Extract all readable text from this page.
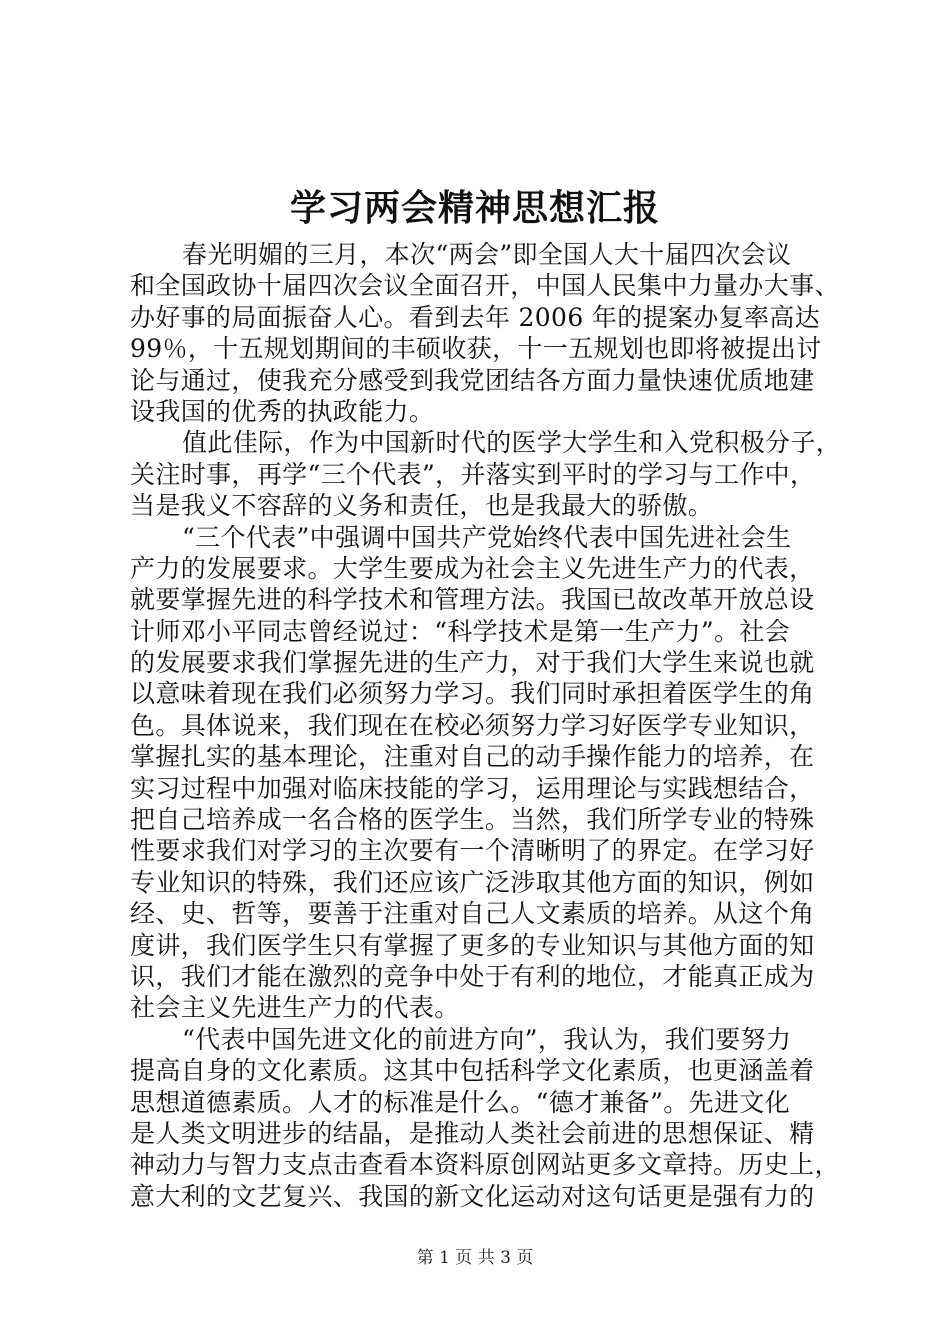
学习两会精神思想汇报
春光明媚的三月，本次“两会”即全国人大十届四次会议
和全国政协十届四次会议全面召开，中国人民集中力量办大事、
办好事的局面振奋人心。看到去年 2006 年的提案办复率高达
99％，十五规划期间的丰硕收获，十一五规划也即将被提出讨
论与通过，使我充分感受到我党团结各方面力量快速优质地建
设我国的优秀的执政能力。
值此佳际，作为中国新时代的医学大学生和入党积极分子，
关注时事，再学“三个代表”，并落实到平时的学习与工作中，
当是我义不容辞的义务和责任，也是我最大的骄傲。
“三个代表”中强调中国共产党始终代表中国先进社会生
产力的发展要求。大学生要成为社会主义先进生产力的代表，
就要掌握先进的科学技术和管理方法。我国已故改革开放总设
计师邓小平同志曾经说过：“科学技术是第一生产力”。社会
的发展要求我们掌握先进的生产力，对于我们大学生来说也就
以意味着现在我们必须努力学习。我们同时承担着医学生的角
色。具体说来，我们现在在校必须努力学习好医学专业知识，
掌握扎实的基本理论，注重对自己的动手操作能力的培养，在
实习过程中加强对临床技能的学习，运用理论与实践想结合，
把自己培养成一名合格的医学生。当然，我们所学专业的特殊
性要求我们对学习的主次要有一个清晰明了的界定。在学习好
专业知识的特殊，我们还应该广泛涉取其他方面的知识，例如
经、史、哲等，要善于注重对自己人文素质的培养。从这个角
度讲，我们医学生只有掌握了更多的专业知识与其他方面的知
识，我们才能在激烈的竞争中处于有利的地位，才能真正成为
社会主义先进生产力的代表。
“代表中国先进文化的前进方向”，我认为，我们要努力
提高自身的文化素质。这其中包括科学文化素质，也更涵盖着
思想道德素质。人才的标准是什么。“德才兼备”。先进文化
是人类文明进步的结晶，是推动人类社会前进的思想保证、精
神动力与智力支点击查看本资料原创网站更多文章持。历史上，
意大利的文艺复兴、我国的新文化运动对这句话更是强有力的
第 1 页 共 3 页
